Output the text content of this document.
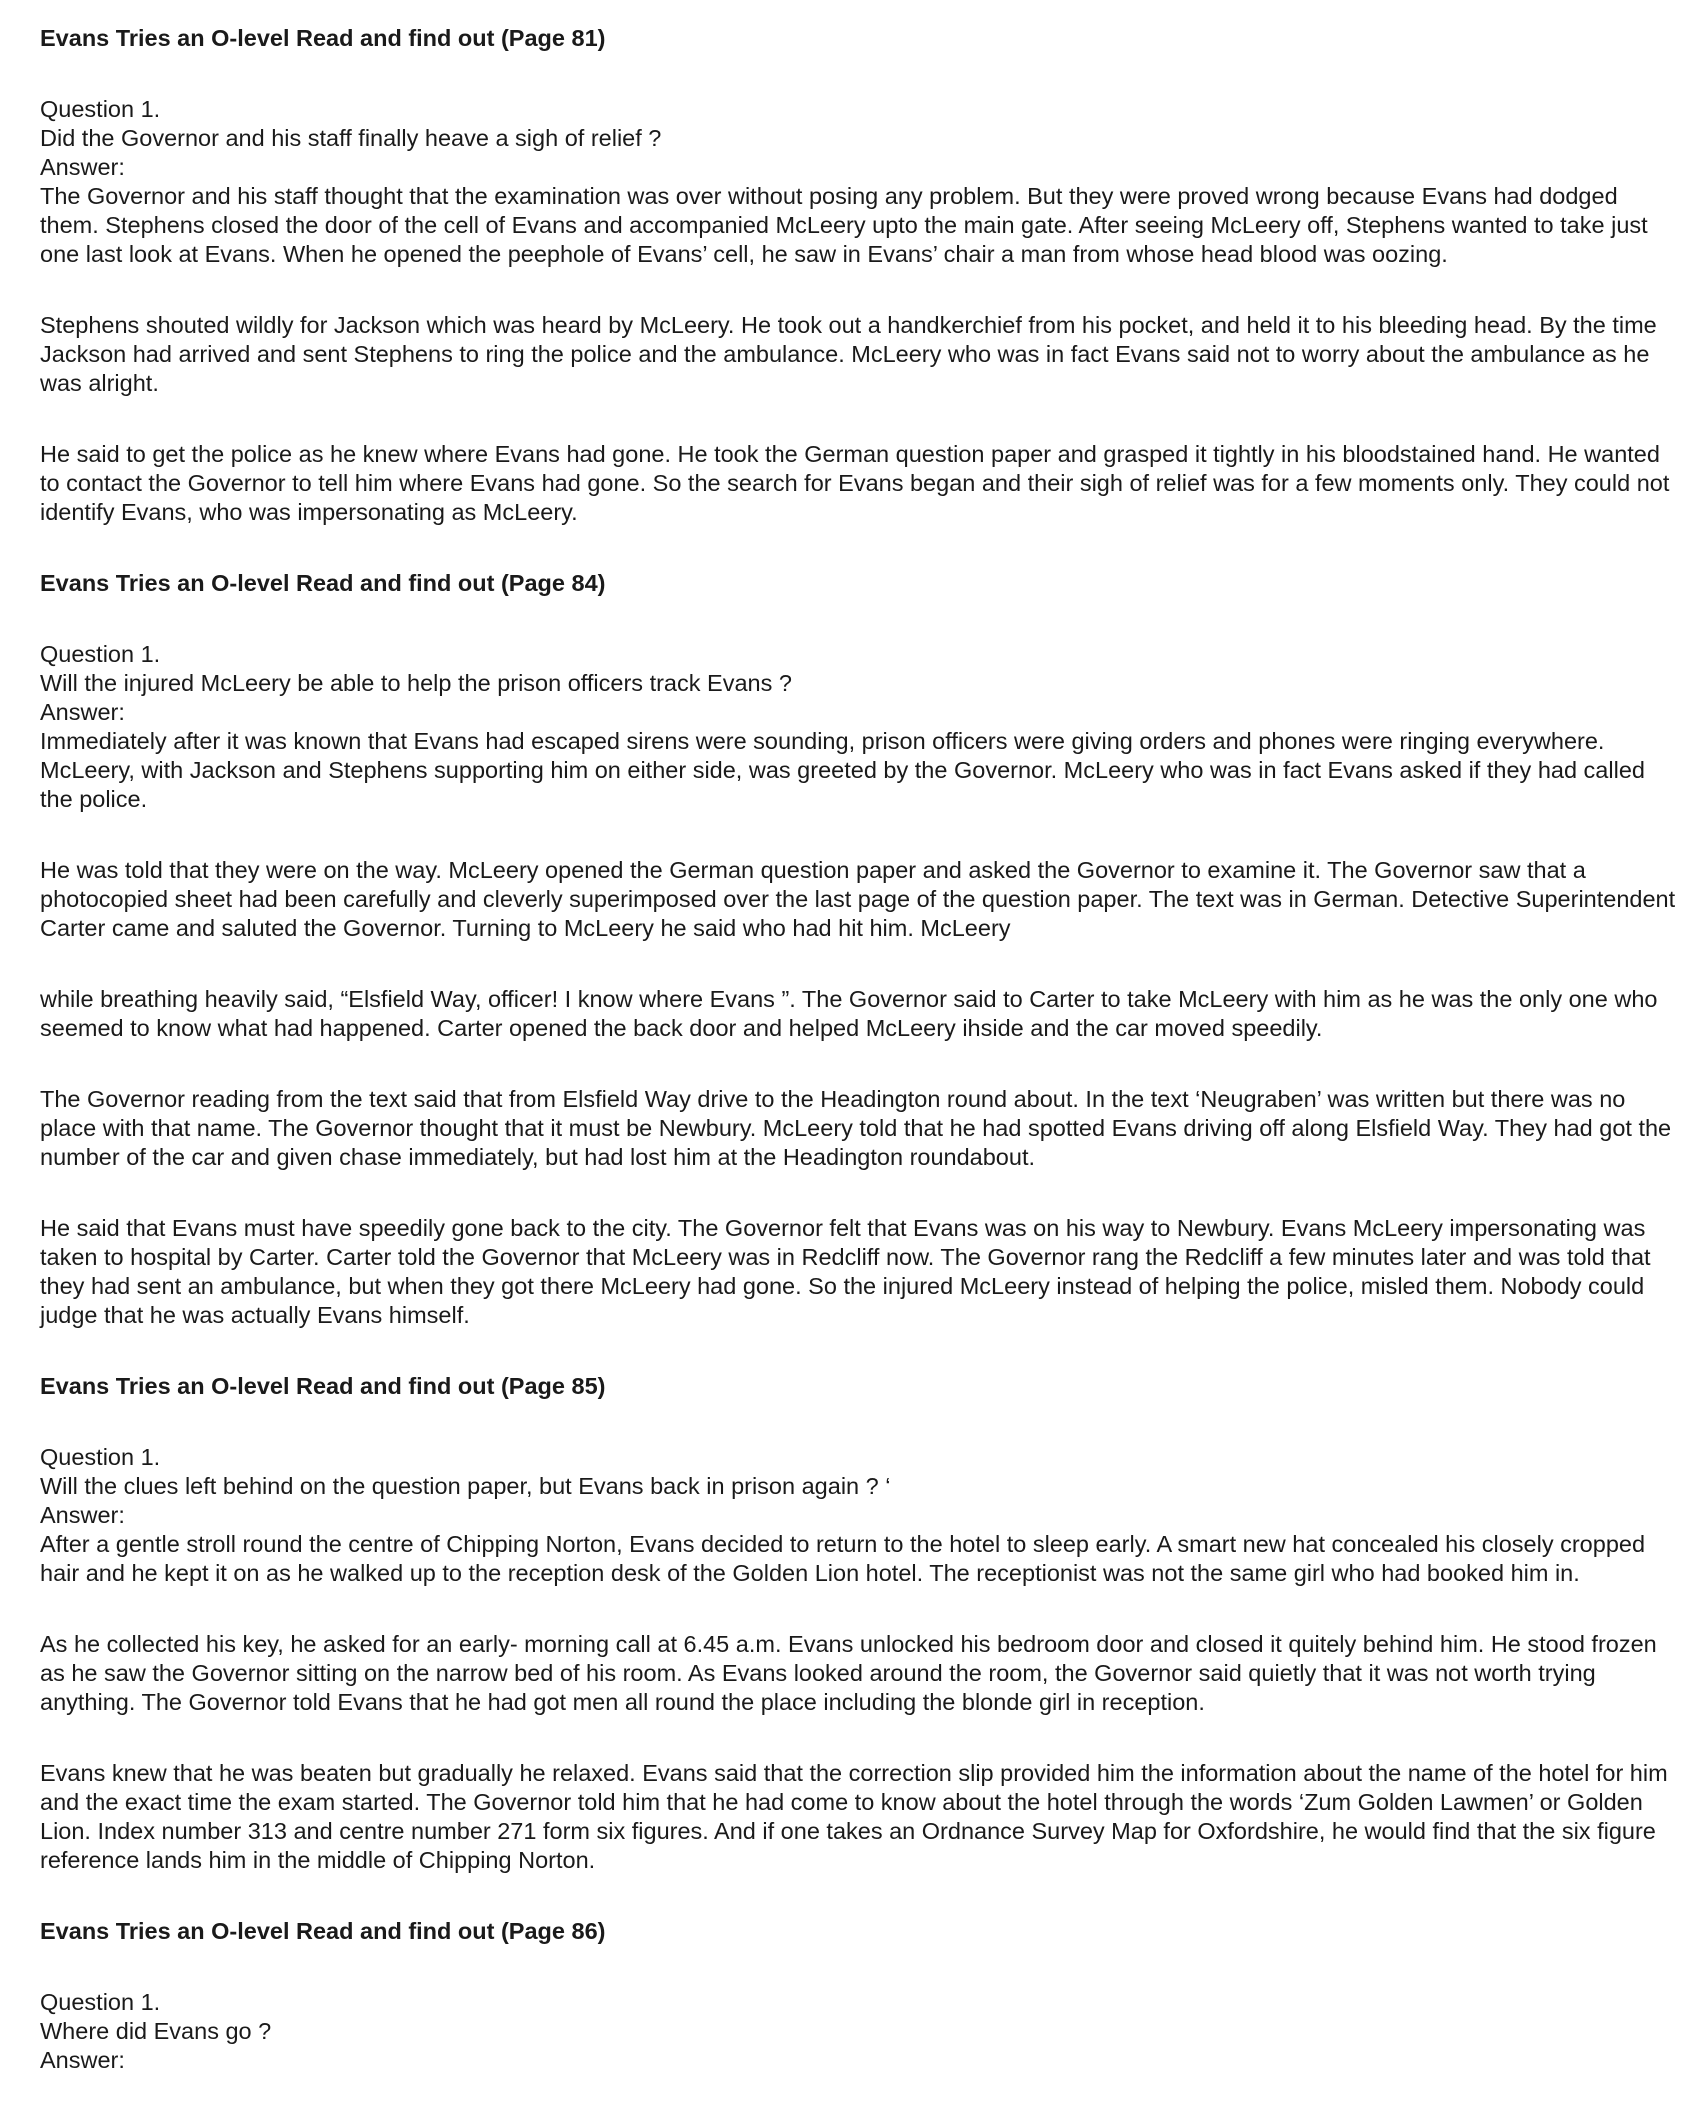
Evans Tries an O-level Read and find out (Page 81)
Question 1.
Did the Governor and his staff finally heave a sigh of relief ?
Answer:

The Governor and his staff thought that the examination was over without posing any problem. But they were proved wrong because Evans had dodged them. Stephens closed the door of the cell of Evans and accompanied McLeery upto the main gate. After seeing McLeery off, Stephens wanted to take just one last look at Evans. When he opened the peephole of Evans’ cell, he saw in Evans’ chair a man from whose head blood was oozing.

Stephens shouted wildly for Jackson which was heard by McLeery. He took out a handkerchief from his pocket, and held it to his bleeding head. By the time Jackson had arrived and sent Stephens to ring the police and the ambulance. McLeery who was in fact Evans said not to worry about the ambulance as he was alright.

He said to get the police as he knew where Evans had gone. He took the German question paper and grasped it tightly in his bloodstained hand. He wanted to contact the Governor to tell him where Evans had gone. So the search for Evans began and their sigh of relief was for a few moments only. They could not identify Evans, who was impersonating as McLeery.

Evans Tries an O-level Read and find out (Page 84)
Question 1.
Will the injured McLeery be able to help the prison officers track Evans ?
Answer:

Immediately after it was known that Evans had escaped sirens were sounding, prison officers were giving orders and phones were ringing everywhere. McLeery, with Jackson and Stephens supporting him on either side, was greeted by the Governor. McLeery who was in fact Evans asked if they had called the police.

He was told that they were on the way. McLeery opened the German question paper and asked the Governor to examine it. The Governor saw that a photocopied sheet had been carefully and cleverly superimposed over the last page of the question paper. The text was in German. Detective Superintendent Carter came and saluted the Governor. Turning to McLeery he said who had hit him. McLeery

while breathing heavily said, “Elsfield Way, officer! I know where Evans ”. The Governor said to Carter to take McLeery with him as he was the only one who seemed to know what had happened. Carter opened the back door and helped McLeery ihside and the car moved speedily.

The Governor reading from the text said that from Elsfield Way drive to the Headington round about. In the text ‘Neugraben’ was written but there was no place with that name. The Governor thought that it must be Newbury. McLeery told that he had spotted Evans driving off along Elsfield Way. They had got the number of the car and given chase immediately, but had lost him at the Headington roundabout.

He said that Evans must have speedily gone back to the city. The Governor felt that Evans was on his way to Newbury. Evans McLeery impersonating was taken to hospital by Carter. Carter told the Governor that McLeery was in Redcliff now. The Governor rang the Redcliff a few minutes later and was told that they had sent an ambulance, but when they got there McLeery had gone. So the injured McLeery instead of helping the police, misled them. Nobody could judge that he was actually Evans himself.

Evans Tries an O-level Read and find out (Page 85)
Question 1.
Will the clues left behind on the question paper, but Evans back in prison again ? ‘
Answer:

After a gentle stroll round the centre of Chipping Norton, Evans decided to return to the hotel to sleep early. A smart new hat concealed his closely cropped hair and he kept it on as he walked up to the reception desk of the Golden Lion hotel. The receptionist was not the same girl who had booked him in.

As he collected his key, he asked for an early- morning call at 6.45 a.m. Evans unlocked his bedroom door and closed it quitely behind him. He stood frozen as he saw the Governor sitting on the narrow bed of his room. As Evans looked around the room, the Governor said quietly that it was not worth trying anything. The Governor told Evans that he had got men all round the place including the blonde girl in reception.

Evans knew that he was beaten but gradually he relaxed. Evans said that the correction slip provided him the information about the name of the hotel for him and the exact time the exam started. The Governor told him that he had come to know about the hotel through the words ‘Zum Golden Lawmen’ or Golden Lion. Index number 313 and centre number 271 form six figures. And if one takes an Ordnance Survey Map for Oxfordshire, he would find that the six figure reference lands him in the middle of Chipping Norton.

Evans Tries an O-level Read and find out (Page 86)
Question 1.
Where did Evans go ?
Answer:
